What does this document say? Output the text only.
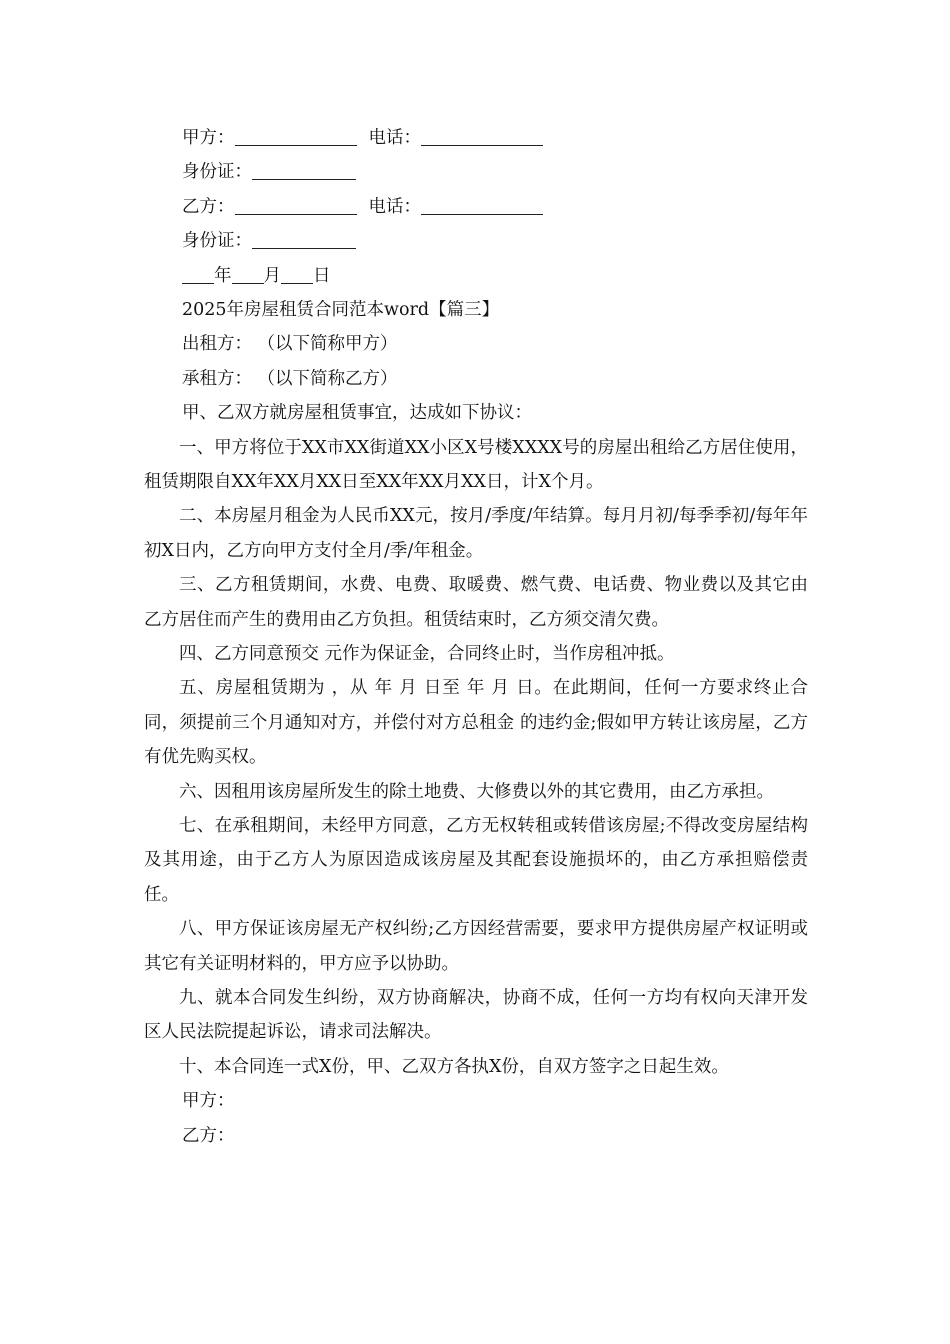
甲方：	电话：
身份证：
乙方：	电话：
身份证：
年 月 日
2025年房屋租赁合同范本word【篇三】
出租方： （以下简称甲方）
承租方： （以下简称乙方）
甲、乙双方就房屋租赁事宜，达成如下协议：

一、甲方将位于XX市XX街道XX小区X号楼XXXX号的房屋出租给乙方居住使用，租赁期限自XX年XX月XX日至XX年XX月XX日，计X个月。

二、本房屋月租金为人民币XX元，按月/季度/年结算。每月月初/每季季初/每年年初X日内，乙方向甲方支付全月/季/年租金。

三、乙方租赁期间，水费、电费、取暖费、燃气费、电话费、物业费以及其它由乙方居住而产生的费用由乙方负担。租赁结束时，乙方须交清欠费。

四、乙方同意预交 元作为保证金，合同终止时，当作房租冲抵。

五、房屋租赁期为 ，从 年 月 日至 年 月 日。在此期间，任何一方要求终止合同，须提前三个月通知对方，并偿付对方总租金 的违约金;假如甲方转让该房屋，乙方有优先购买权。

六、因租用该房屋所发生的除土地费、大修费以外的其它费用，由乙方承担。

七、在承租期间，未经甲方同意，乙方无权转租或转借该房屋;不得改变房屋结构及其用途，由于乙方人为原因造成该房屋及其配套设施损坏的，由乙方承担赔偿责任。

八、甲方保证该房屋无产权纠纷;乙方因经营需要，要求甲方提供房屋产权证明或其它有关证明材料的，甲方应予以协助。

九、就本合同发生纠纷，双方协商解决，协商不成，任何一方均有权向天津开发区人民法院提起诉讼，请求司法解决。

十、本合同连一式X份，甲、乙双方各执X份，自双方签字之日起生效。

甲方：
乙方：
